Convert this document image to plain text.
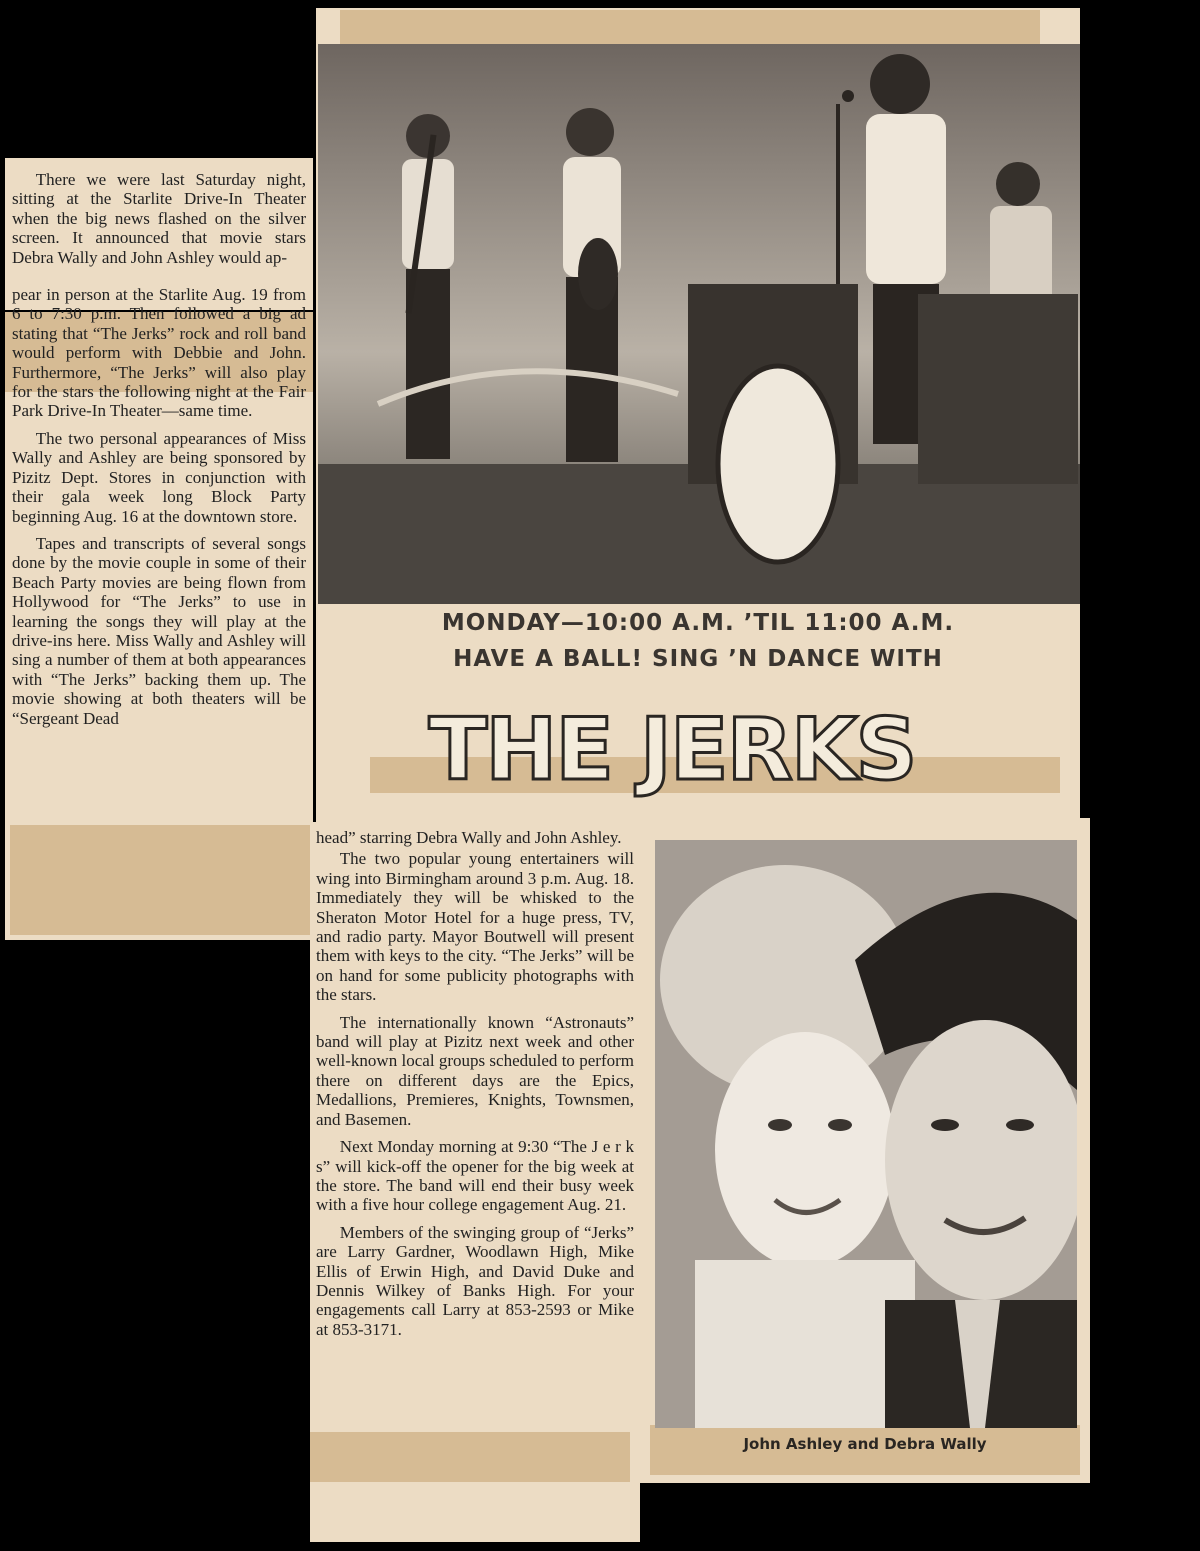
MONDAY—10:00 A.M. ’TIL 11:00 A.M.
HAVE A BALL! SING ’N DANCE WITH
THE JERKS
John Ashley and Debra Wally

There we were last Saturday night, sitting at the Starlite Drive-In Theater when the big news flashed on the silver screen. It announced that movie stars Debra Wally and John Ashley would ap-

pear in person at the Starlite Aug. 19 from 6 to 7:30 p.m. Then followed a big ad stating that “The Jerks” rock and roll band would perform with Debbie and John. Furthermore, “The Jerks” will also play for the stars the following night at the Fair Park Drive-In Theater—same time.

The two personal appearances of Miss Wally and Ashley are being sponsored by Pizitz Dept. Stores in conjunction with their gala week long Block Party beginning Aug. 16 at the downtown store.

Tapes and transcripts of several songs done by the movie couple in some of their Beach Party movies are being flown from Hollywood for “The Jerks” to use in learning the songs they will play at the drive-ins here. Miss Wally and Ashley will sing a number of them at both appearances with “The Jerks” backing them up. The movie showing at both theaters will be “Sergeant Dead

head” starring Debra Wally and John Ashley.

The two popular young entertainers will wing into Birmingham around 3 p.m. Aug. 18. Immediately they will be whisked to the Sheraton Motor Hotel for a huge press, TV, and radio party. Mayor Boutwell will present them with keys to the city. “The Jerks” will be on hand for some publicity photographs with the stars.

The internationally known “Astronauts” band will play at Pizitz next week and other well-known local groups scheduled to perform there on different days are the Epics, Medallions, Premieres, Knights, Townsmen, and Basemen.

Next Monday morning at 9:30 “The J e r k s” will kick-off the opener for the big week at the store. The band will end their busy week with a five hour college engagement Aug. 21.

Members of the swinging group of “Jerks” are Larry Gardner, Woodlawn High, Mike Ellis of Erwin High, and David Duke and Dennis Wilkey of Banks High. For your engagements call Larry at 853-2593 or Mike at 853-3171.
